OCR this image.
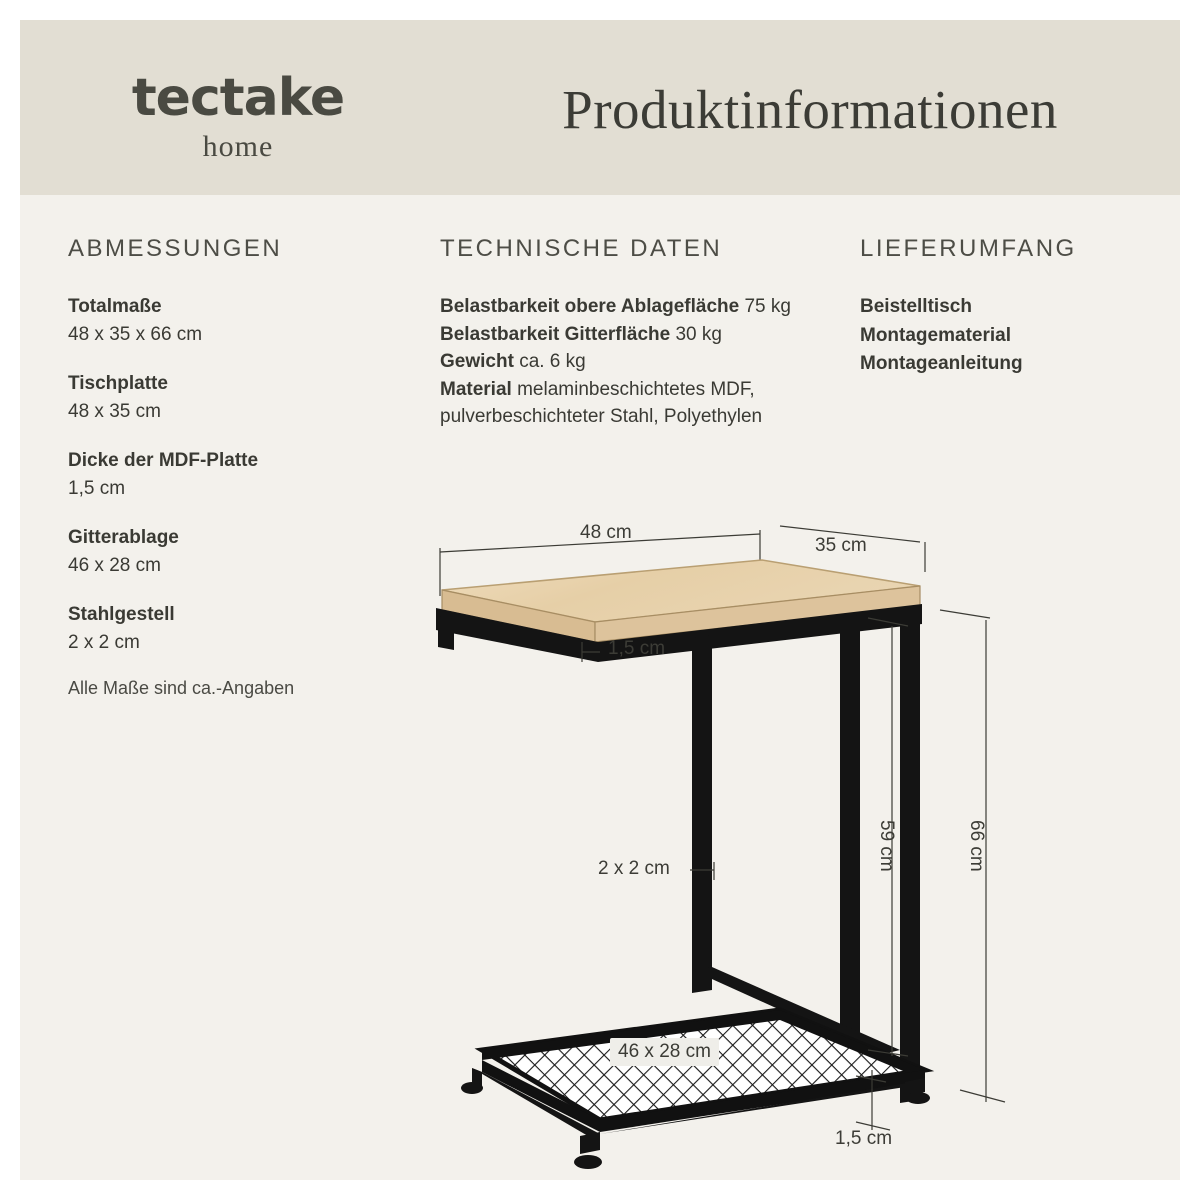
tectake
home
Produktinformationen
ABMESSUNGEN
Totalmaße
48 x 35 x 66 cm
Tischplatte
48 x 35 cm
Dicke der MDF-Platte
1,5 cm
Gitterablage
46 x 28 cm
Stahlgestell
2 x 2 cm
Alle Maße sind ca.-Angaben
TECHNISCHE DATEN
Belastbarkeit obere Ablagefläche 75 kg
Belastbarkeit Gitterfläche 30 kg
Gewicht ca. 6 kg
Material melaminbeschichtetes MDF, pulverbeschichteter Stahl, Polyethylen
LIEFERUMFANG
Beistelltisch
Montagematerial
Montageanleitung
48 cm
35 cm
1,5 cm
2 x 2 cm
46 x 28 cm
59 cm	66 cm
1,5 cm
